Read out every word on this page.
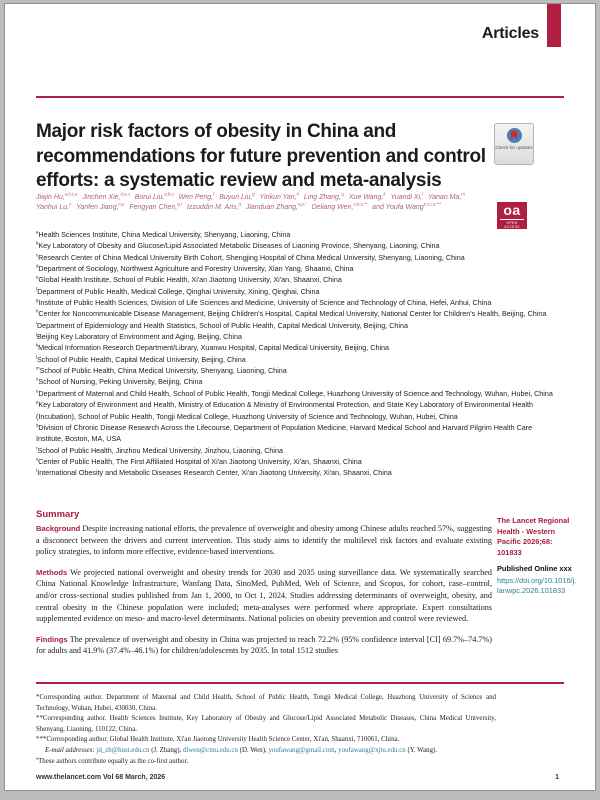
Articles
Major risk factors of obesity in China and recommendations for future prevention and control efforts: a systematic review and meta-analysis
Check for updates
Jiajin Hu,$^{a,b,c,u}$ Jinchen Xie,$^{d,e,u}$ Borui Liu,$^{a,b,u}$ Wen Peng,$^f$ Buyun Liu,$^g$ Yinkun Yan,$^h$ Ling Zhang,$^{i,j}$ Xue Wang,$^k$ Yuandi Xi,$^l$ Yanan Ma,$^m$ Yanhui Lu,$^n$ Yanfen Jiang,$^{o,p}$ Fengyan Chen,$^{q,r}$ Izzuddin M. Aris,$^q$ Jianduan Zhang,$^{o,p,*}$ Deliang Wen,$^{a,b,u,**}$ and Youfa Wang$^{e,s,t,u,***}$	oa
OPEN ACCESS
$^a$Health Sciences Institute, China Medical University, Shenyang, Liaoning, China
$^b$Key Laboratory of Obesity and Glucose/Lipid Associated Metabolic Diseases of Liaoning Province, Shenyang, Liaoning, China
$^c$Research Center of China Medical University Birth Cohort, Shengjing Hospital of China Medical University, Shenyang, Liaoning, China
$^d$Department of Sociology, Northwest Agriculture and Forestry University, Xian Yang, Shaanxi, China
$^e$Global Health Institute, School of Public Health, Xi'an Jiaotong University, Xi'an, Shaanxi, China
$^f$Department of Public Health, Medical College, Qinghai University, Xining, Qinghai, China
$^g$Institute of Public Health Sciences, Division of Life Sciences and Medicine, University of Science and Technology of China, Hefei, Anhui, China
$^h$Center for Noncommunicable Disease Management, Beijing Children's Hospital, Capital Medical University, National Center for Children's Health, Beijing, China
$^i$Department of Epidemiology and Health Statistics, School of Public Health, Capital Medical University, Beijing, China
$^j$Beijing Key Laboratory of Environment and Aging, Beijing, China
$^k$Medical Information Research Department/Library, Xuanwu Hospital, Capital Medical University, Beijing, China
$^l$School of Public Health, Capital Medical University, Beijing, China
$^m$School of Public Health, China Medical University, Shenyang, Liaoning, China
$^n$School of Nursing, Peking University, Beijing, China
$^o$Department of Maternal and Child Health, School of Public Health, Tongji Medical College, Huazhong University of Science and Technology, Wuhan, Hubei, China
$^p$Key Laboratory of Environment and Health, Ministry of Education & Ministry of Environmental Protection, and State Key Laboratory of Environmental Health (Incubation), School of Public Health, Tongji Medical College, Huazhong University of Science and Technology, Wuhan, Hubei, China
$^q$Division of Chronic Disease Research Across the Lifecourse, Department of Population Medicine, Harvard Medical School and Harvard Pilgrim Health Care Institute, Boston, MA, USA
$^r$School of Public Health, Jinzhou Medical University, Jinzhou, Liaoning, China
$^s$Center of Public Health, The First Affiliated Hospital of Xi'an Jiaotong University, Xi'an, Shaanxi, China
$^t$International Obesity and Metabolic Diseases Research Center, Xi'an Jiaotong University, Xi'an, Shaanxi, China
Summary

Background Despite increasing national efforts, the prevalence of overweight and obesity among Chinese adults reached 57%, suggesting a disconnect between the drivers and current intervention. This study aims to identify the multilevel risk factors and evaluate existing policy strategies, to inform more effective, evidence-based interventions.

Methods We projected national overweight and obesity trends for 2030 and 2035 using surveillance data. We systematically searched China National Knowledge Infrastructure, Wanfang Data, SinoMed, PubMed, Web of Science, and Scopus, for cohort, case–control, and/or cross-sectional studies published from Jan 1, 2000, to Oct 1, 2024. Studies addressing determinants of overweight, obesity, and central obesity in the Chinese population were included; meta-analyses were performed where appropriate. Expert consultations supplemented evidence on meso- and macro-level determinants. National policies on obesity prevention and control were reviewed.

Findings The prevalence of overweight and obesity in China was projected to reach 72.2% (95% confidence interval [CI] 69.7%–74.7%) for adults and 41.9% (37.4%–46.1%) for children/adolescents by 2035. In total 1512 studies

The Lancet Regional Health - Western Pacific 2026;68: 101833
Published Online xxx
https://doi.org/10.1016/j.lanwpc.2026.101833
*Corresponding author. Department of Maternal and Child Health, School of Public Health, Tongji Medical College, Huazhong University of Science and Technology, Wuhan, Hubei, 430030, China.
**Corresponding author. Health Sciences Institute, Key Laboratory of Obesity and Glucose/Lipid Associated Metabolic Diseases, China Medical University, Shenyang, Liaoning, 110122, China.
***Corresponding author. Global Health Institute, Xi'an Jiaotong University Health Science Center, Xi'an, Shaanxi, 710061, China.
E-mail addresses: jd_zh@hust.edu.cn (J. Zhang), dlwen@cmu.edu.cn (D. Wen), youfawang@gmail.com, youfawang@xjtu.edu.cn (Y. Wang).
$^u$These authors contribute equally as the co-first author.
www.thelancet.com Vol 68 March, 2026	1
